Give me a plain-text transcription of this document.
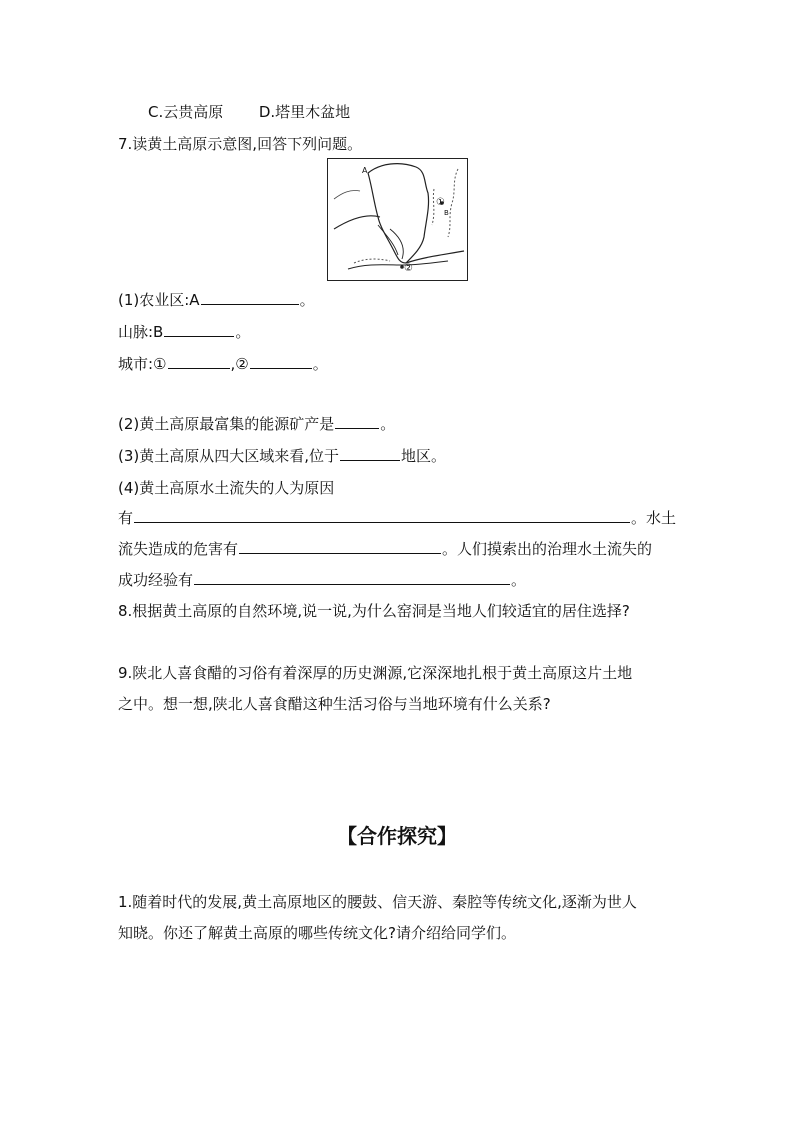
C.云贵高原 D.塔里木盆地
7.读黄土高原示意图,回答下列问题。
A
B
①
②
(1)农业区:A	。
山脉:B	。
城市:①	,②	。
(2)黄土高原最富集的能源矿产是	。
(3)黄土高原从四大区域来看,位于	地区。
(4)黄土高原水土流失的人为原因
有	。水土
流失造成的危害有	。人们摸索出的治理水土流失的
成功经验有	。
8.根据黄土高原的自然环境,说一说,为什么窑洞是当地人们较适宜的居住选择?
9.陕北人喜食醋的习俗有着深厚的历史渊源,它深深地扎根于黄土高原这片土地
之中。想一想,陕北人喜食醋这种生活习俗与当地环境有什么关系?
【合作探究】
1.随着时代的发展,黄土高原地区的腰鼓、信天游、秦腔等传统文化,逐渐为世人
知晓。你还了解黄土高原的哪些传统文化?请介绍给同学们。
